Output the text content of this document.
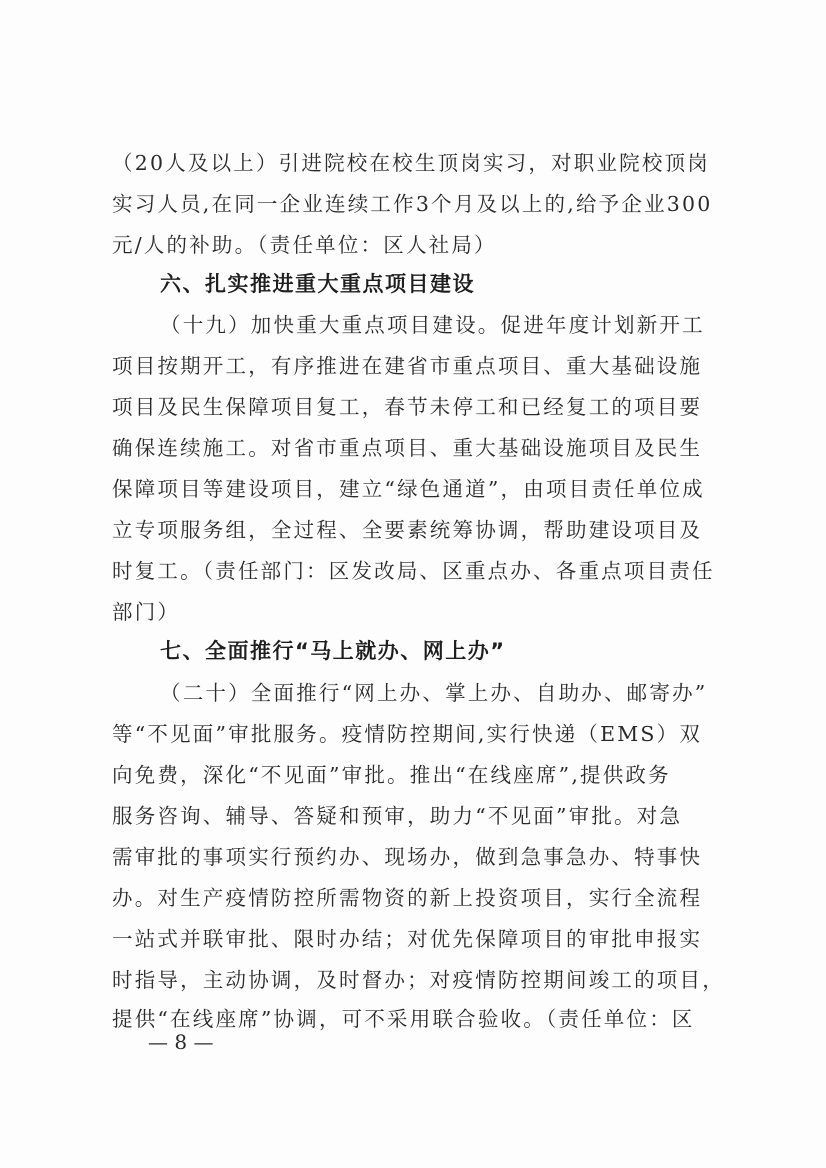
（20人及以上）引进院校在校生顶岗实习，对职业院校顶岗
实习人员,在同一企业连续工作3个月及以上的,给予企业300
元/人的补助。（责任单位：区人社局）
六、扎实推进重大重点项目建设
（十九）加快重大重点项目建设。促进年度计划新开工
项目按期开工，有序推进在建省市重点项目、重大基础设施
项目及民生保障项目复工，春节未停工和已经复工的项目要
确保连续施工。对省市重点项目、重大基础设施项目及民生
保障项目等建设项目，建立“绿色通道”，由项目责任单位成
立专项服务组，全过程、全要素统筹协调，帮助建设项目及
时复工。（责任部门：区发改局、区重点办、各重点项目责任
部门）
七、全面推行“马上就办、网上办”
（二十）全面推行“网上办、掌上办、自助办、邮寄办”
等“不见面”审批服务。疫情防控期间,实行快递（EMS）双
向免费，深化“不见面”审批。推出“在线座席”,提供政务
服务咨询、辅导、答疑和预审，助力“不见面”审批。对急
需审批的事项实行预约办、现场办，做到急事急办、特事快
办。对生产疫情防控所需物资的新上投资项目，实行全流程
一站式并联审批、限时办结；对优先保障项目的审批申报实
时指导，主动协调，及时督办；对疫情防控期间竣工的项目，
提供“在线座席”协调，可不采用联合验收。（责任单位：区
— 8 —
